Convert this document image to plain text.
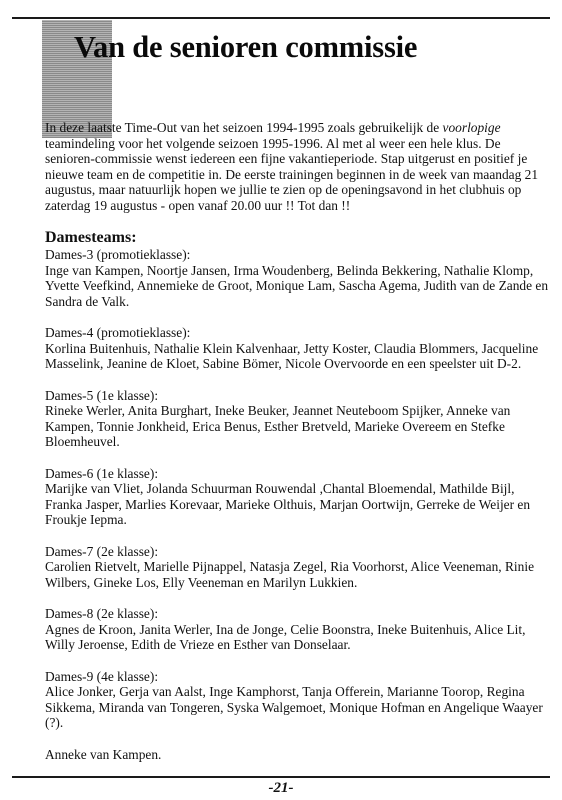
Van de senioren commissie

In deze laatste Time-Out van het seizoen 1994-1995 zoals gebruikelijk de voorlopige teamindeling voor het volgende seizoen 1995-1996. Al met al weer een hele klus. De senioren-commissie wenst iedereen een fijne vakantieperiode. Stap uitgerust en positief je nieuwe team en de competitie in. De eerste trainingen beginnen in de week van maandag 21 augustus, maar natuurlijk hopen we jullie te zien op de openingsavond in het clubhuis op zaterdag 19 augustus - open vanaf 20.00 uur !! Tot dan !!

Damesteams:
Dames-3 (promotieklasse):
Inge van Kampen, Noortje Jansen, Irma Woudenberg, Belinda Bekkering, Nathalie Klomp, Yvette Veefkind, Annemieke de Groot, Monique Lam, Sascha Agema, Judith van de Zande en Sandra de Valk.
Dames-4 (promotieklasse):
Korlina Buitenhuis, Nathalie Klein Kalvenhaar, Jetty Koster, Claudia Blommers, Jacqueline Masselink, Jeanine de Kloet, Sabine Bömer, Nicole Overvoorde en een speelster uit D-2.
Dames-5 (1e klasse):
Rineke Werler, Anita Burghart, Ineke Beuker, Jeannet Neuteboom Spijker, Anneke van Kampen, Tonnie Jonkheid, Erica Benus, Esther Bretveld, Marieke Overeem en Stefke Bloemheuvel.
Dames-6 (1e klasse):
Marijke van Vliet, Jolanda Schuurman Rouwendal ,Chantal Bloemendal, Mathilde Bijl, Franka Jasper, Marlies Korevaar, Marieke Olthuis, Marjan Oortwijn, Gerreke de Weijer en Froukje Iepma.
Dames-7 (2e klasse):
Carolien Rietvelt, Marielle Pijnappel, Natasja Zegel, Ria Voorhorst, Alice Veeneman, Rinie Wilbers, Gineke Los, Elly Veeneman en Marilyn Lukkien.
Dames-8 (2e klasse):
Agnes de Kroon, Janita Werler, Ina de Jonge, Celie Boonstra, Ineke Buitenhuis, Alice Lit, Willy Jeroense, Edith de Vrieze en Esther van Donselaar.
Dames-9 (4e klasse):
Alice Jonker, Gerja van Aalst, Inge Kamphorst, Tanja Offerein, Marianne Toorop, Regina Sikkema, Miranda van Tongeren, Syska Walgemoet, Monique Hofman en Angelique Waayer (?).

Anneke van Kampen.

-21-
